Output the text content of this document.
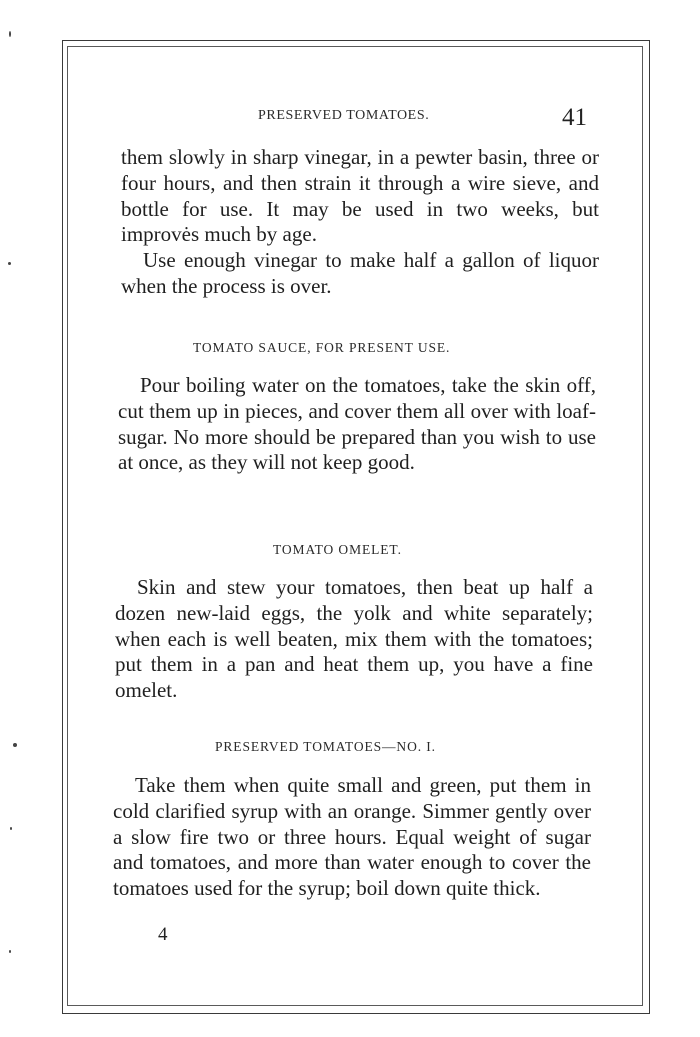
PRESERVED TOMATOES.	41

them slowly in sharp vinegar, in a pewter basin, three or four hours, and then strain it through a wire sieve, and bottle for use. It may be used in two weeks, but improvės much by age.

Use enough vinegar to make half a gallon of liquor when the process is over.

TOMATO SAUCE, FOR PRESENT USE.

Pour boiling water on the tomatoes, take the skin off, cut them up in pieces, and cover them all over with loaf-sugar. No more should be prepared than you wish to use at once, as they will not keep good.

TOMATO OMELET.

Skin and stew your tomatoes, then beat up half a dozen new-laid eggs, the yolk and white separately; when each is well beaten, mix them with the tomatoes; put them in a pan and heat them up, you have a fine omelet.

PRESERVED TOMATOES—NO. I.

Take them when quite small and green, put them in cold clarified syrup with an orange. Simmer gently over a slow fire two or three hours. Equal weight of sugar and tomatoes, and more than water enough to cover the tomatoes used for the syrup; boil down quite thick.

4
